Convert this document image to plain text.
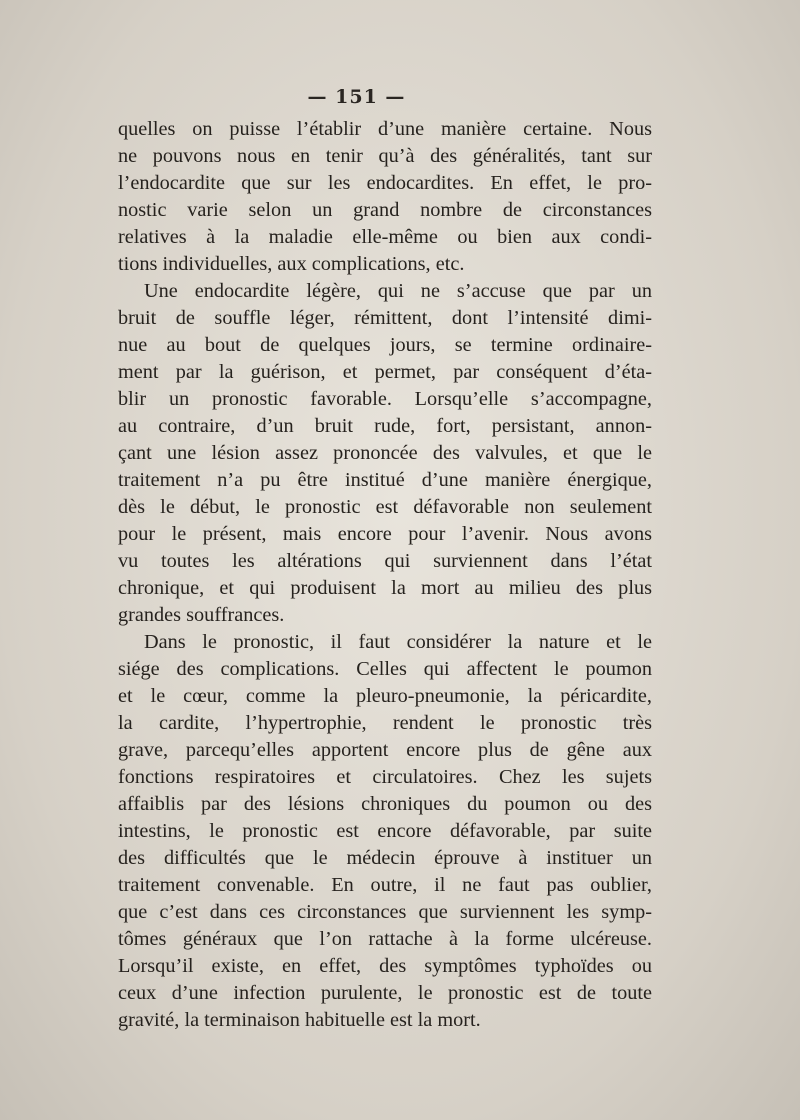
— 151 —
quelles on puisse l’établir d’une manière certaine. Nous
ne pouvons nous en tenir qu’à des généralités, tant sur
l’endocardite que sur les endocardites. En effet, le pro-
nostic varie selon un grand nombre de circonstances
relatives à la maladie elle-même ou bien aux condi-
tions individuelles, aux complications, etc.
Une endocardite légère, qui ne s’accuse que par un
bruit de souffle léger, rémittent, dont l’intensité dimi-
nue au bout de quelques jours, se termine ordinaire-
ment par la guérison, et permet, par conséquent d’éta-
blir un pronostic favorable. Lorsqu’elle s’accompagne,
au contraire, d’un bruit rude, fort, persistant, annon-
çant une lésion assez prononcée des valvules, et que le
traitement n’a pu être institué d’une manière énergique,
dès le début, le pronostic est défavorable non seulement
pour le présent, mais encore pour l’avenir. Nous avons
vu toutes les altérations qui surviennent dans l’état
chronique, et qui produisent la mort au milieu des plus
grandes souffrances.
Dans le pronostic, il faut considérer la nature et le
siége des complications. Celles qui affectent le poumon
et le cœur, comme la pleuro-pneumonie, la péricardite,
la cardite, l’hypertrophie, rendent le pronostic très
grave, parcequ’elles apportent encore plus de gêne aux
fonctions respiratoires et circulatoires. Chez les sujets
affaiblis par des lésions chroniques du poumon ou des
intestins, le pronostic est encore défavorable, par suite
des difficultés que le médecin éprouve à instituer un
traitement convenable. En outre, il ne faut pas oublier,
que c’est dans ces circonstances que surviennent les symp-
tômes généraux que l’on rattache à la forme ulcéreuse.
Lorsqu’il existe, en effet, des symptômes typhoïdes ou
ceux d’une infection purulente, le pronostic est de toute
gravité, la terminaison habituelle est la mort.
